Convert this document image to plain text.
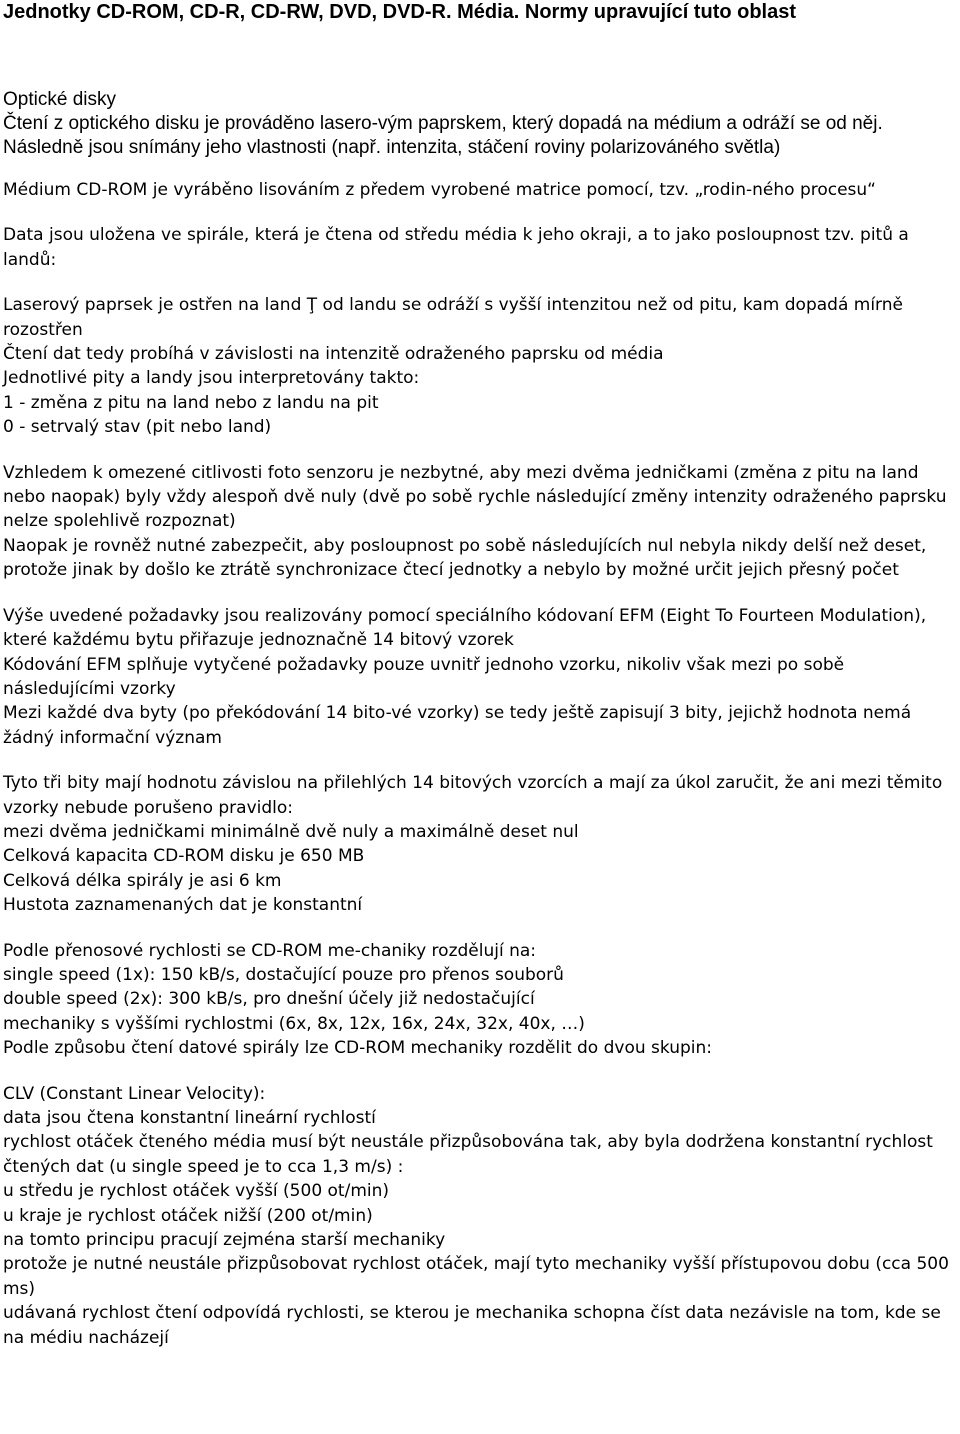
Jednotky CD-ROM, CD-R, CD-RW, DVD, DVD-R. Média. Normy upravující tuto oblast

Optické disky

Čtení z optického disku je prováděno lasero-vým paprskem, který dopadá na médium a odráží se od něj. Následně jsou snímány jeho vlastnosti (např. intenzita, stáčení roviny polarizováného světla)

Médium CD-ROM je vyráběno lisováním z předem vyrobené matrice pomocí, tzv. „rodin-ného procesu“

Data jsou uložena ve spirále, která je čtena od středu média k jeho okraji, a to jako posloupnost tzv. pitů a landů:

Laserový paprsek je ostřen na land Ţ od landu se odráží s vyšší intenzitou než od pitu, kam dopadá mírně rozostřen

Čtení dat tedy probíhá v závislosti na intenzitě odraženého paprsku od média

Jednotlivé pity a landy jsou interpretovány takto:

1 - změna z pitu na land nebo z landu na pit

0 - setrvalý stav (pit nebo land)

Vzhledem k omezené citlivosti foto senzoru je nezbytné, aby mezi dvěma jedničkami (změna z pitu na land nebo naopak) byly vždy alespoň dvě nuly (dvě po sobě rychle následující změny intenzity odraženého paprsku nelze spolehlivě rozpoznat)

Naopak je rovněž nutné zabezpečit, aby posloupnost po sobě následujících nul nebyla nikdy delší než deset, protože jinak by došlo ke ztrátě synchronizace čtecí jednotky a nebylo by možné určit jejich přesný počet

Výše uvedené požadavky jsou realizovány pomocí speciálního kódovaní EFM (Eight To Fourteen Modulation), které každému bytu přiřazuje jednoznačně 14 bitový vzorek

Kódování EFM splňuje vytyčené požadavky pouze uvnitř jednoho vzorku, nikoliv však mezi po sobě následujícími vzorky

Mezi každé dva byty (po překódování 14 bito-vé vzorky) se tedy ještě zapisují 3 bity, jejichž hodnota nemá žádný informační význam

Tyto tři bity mají hodnotu závislou na přilehlých 14 bitových vzorcích a mají za úkol zaručit, že ani mezi těmito vzorky nebude porušeno pravidlo:

mezi dvěma jedničkami minimálně dvě nuly a maximálně deset nul

Celková kapacita CD-ROM disku je 650 MB

Celková délka spirály je asi 6 km

Hustota zaznamenaných dat je konstantní

Podle přenosové rychlosti se CD-ROM me-chaniky rozdělují na:

single speed (1x): 150 kB/s, dostačující pouze pro přenos souborů

double speed (2x): 300 kB/s, pro dnešní účely již nedostačující

mechaniky s vyššími rychlostmi (6x, 8x, 12x, 16x, 24x, 32x, 40x, …)

Podle způsobu čtení datové spirály lze CD-ROM mechaniky rozdělit do dvou skupin:

CLV (Constant Linear Velocity):

data jsou čtena konstantní lineární rychlostí

rychlost otáček čteného média musí být neustále přizpůsobována tak, aby byla dodržena konstantní rychlost čtených dat (u single speed je to cca 1,3 m/s) :

u středu je rychlost otáček vyšší (500 ot/min)

u kraje je rychlost otáček nižší (200 ot/min)

na tomto principu pracují zejména starší mechaniky

protože je nutné neustále přizpůsobovat rychlost otáček, mají tyto mechaniky vyšší přístupovou dobu (cca 500 ms)

udávaná rychlost čtení odpovídá rychlosti, se kterou je mechanika schopna číst data nezávisle na tom, kde se na médiu nacházejí
